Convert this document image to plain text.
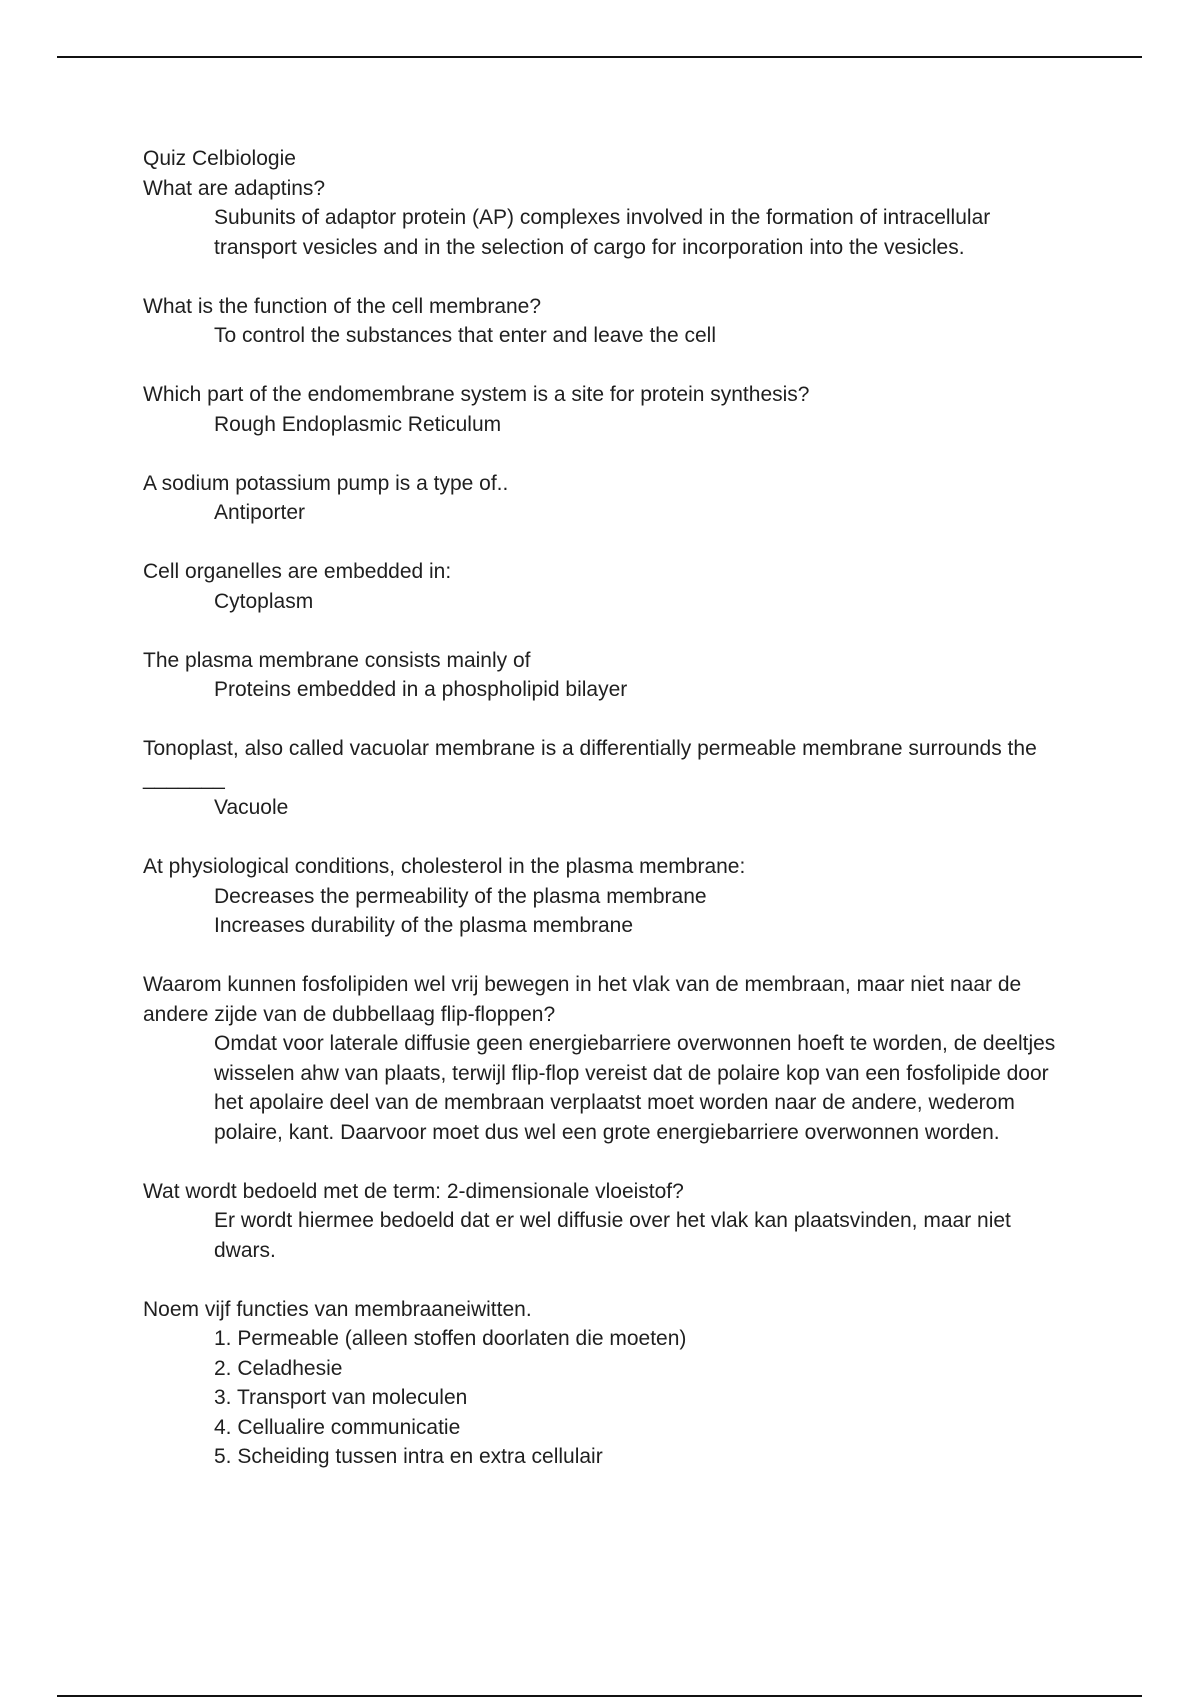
Quiz Celbiologie

What are adaptins?

Subunits of adaptor protein (AP) complexes involved in the formation of intracellular transport vesicles and in the selection of cargo for incorporation into the vesicles.

What is the function of the cell membrane?

To control the substances that enter and leave the cell

Which part of the endomembrane system is a site for protein synthesis?

Rough Endoplasmic Reticulum

A sodium potassium pump is a type of..

Antiporter

Cell organelles are embedded in:

Cytoplasm

The plasma membrane consists mainly of

Proteins embedded in a phospholipid bilayer

Tonoplast, also called vacuolar membrane is a differentially permeable membrane surrounds the _______

Vacuole

At physiological conditions, cholesterol in the plasma membrane:

Decreases the permeability of the plasma membrane
Increases durability of the plasma membrane

Waarom kunnen fosfolipiden wel vrij bewegen in het vlak van de membraan, maar niet naar de andere zijde van de dubbellaag flip-floppen?

Omdat voor laterale diffusie geen energiebarriere overwonnen hoeft te worden, de deeltjes wisselen ahw van plaats, terwijl flip-flop vereist dat de polaire kop van een fosfolipide door het apolaire deel van de membraan verplaatst moet worden naar de andere, wederom polaire, kant. Daarvoor moet dus wel een grote energiebarriere overwonnen worden.

Wat wordt bedoeld met de term: 2-dimensionale vloeistof?

Er wordt hiermee bedoeld dat er wel diffusie over het vlak kan plaatsvinden, maar niet dwars.

Noem vijf functies van membraaneiwitten.

1. Permeable (alleen stoffen doorlaten die moeten)
2. Celadhesie
3. Transport van moleculen
4. Cellualire communicatie
5. Scheiding tussen intra en extra cellulair
